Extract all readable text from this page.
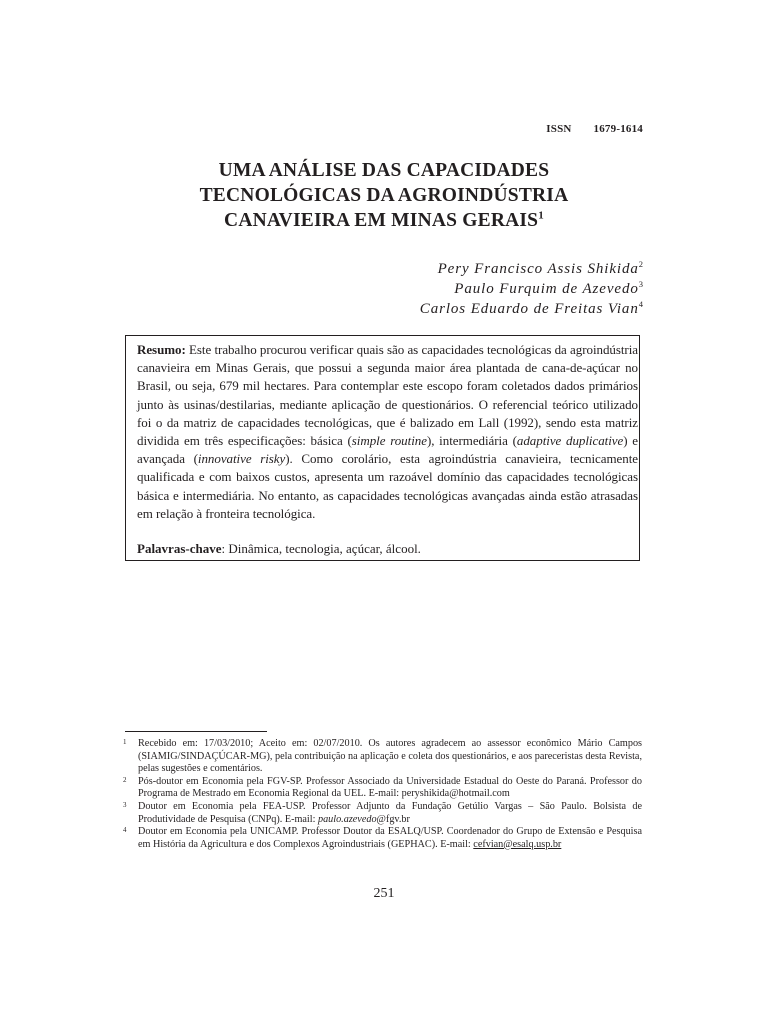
ISSN 1679-1614
UMA ANÁLISE DAS CAPACIDADES
TECNOLÓGICAS DA AGROINDÚSTRIA
CANAVIEIRA EM MINAS GERAIS$^1$
Pery Francisco Assis Shikida$^2$
Paulo Furquim de Azevedo$^3$
Carlos Eduardo de Freitas Vian$^4$
Resumo: Este trabalho procurou verificar quais são as capacidades tecnológicas da agroindústria canavieira em Minas Gerais, que possui a segunda maior área plantada de cana-de-açúcar no Brasil, ou seja, 679 mil hectares. Para contemplar este escopo foram coletados dados primários junto às usinas/destilarias, mediante aplicação de questionários. O referencial teórico utilizado foi o da matriz de capacidades tecnológicas, que é balizado em Lall (1992), sendo esta matriz dividida em três especificações: básica (simple routine), intermediária (adaptive duplicative) e avançada (innovative risky). Como corolário, esta agroindústria canavieira, tecnicamente qualificada e com baixos custos, apresenta um razoável domínio das capacidades tecnológicas básica e intermediária. No entanto, as capacidades tecnológicas avançadas ainda estão atrasadas em relação à fronteira tecnológica.
Palavras-chave: Dinâmica, tecnologia, açúcar, álcool.
1 Recebido em: 17/03/2010; Aceito em: 02/07/2010. Os autores agradecem ao assessor econômico Mário Campos (SIAMIG/SINDAÇÚCAR-MG), pela contribuição na aplicação e coleta dos questionários, e aos pareceristas desta Revista, pelas sugestões e comentários.
2 Pós-doutor em Economia pela FGV-SP. Professor Associado da Universidade Estadual do Oeste do Paraná. Professor do Programa de Mestrado em Economia Regional da UEL. E-mail: peryshikida@hotmail.com
3 Doutor em Economia pela FEA-USP. Professor Adjunto da Fundação Getúlio Vargas – São Paulo. Bolsista de Produtividade de Pesquisa (CNPq). E-mail: paulo.azevedo@fgv.br
4 Doutor em Economia pela UNICAMP. Professor Doutor da ESALQ/USP. Coordenador do Grupo de Extensão e Pesquisa em História da Agricultura e dos Complexos Agroindustriais (GEPHAC). E-mail: cefvian@esalq.usp.br
251
